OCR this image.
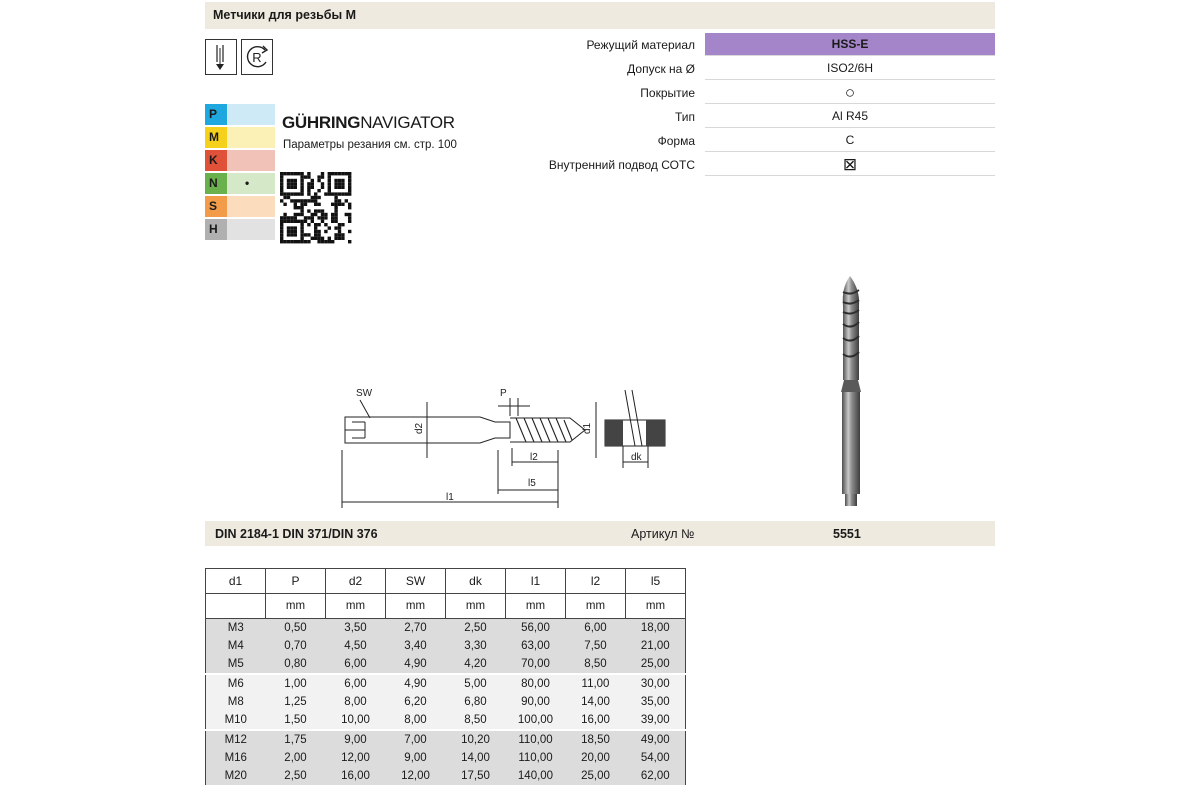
Метчики для резьбы М
R
P
M
K
N •
S
H
GÜHRINGNAVIGATOR
Параметры резания см. стр. 100
Режущий материал	HSS-E
Допуск на Ø	ISO2/6H
Покрытие	○
Тип	Al R45
Форма	C
Внутренний подвод СОТС	⊠
SW
d2
P
d1
l2
l5
l1
dk
DIN 2184-1 DIN 371/DIN 376	Артикул №	5551
d1	P	d2	SW	dk	l1	l2	l5
	mm	mm	mm	mm	mm	mm	mm
M3	0,50	3,50	2,70	2,50	56,00	6,00	18,00
M4	0,70	4,50	3,40	3,30	63,00	7,50	21,00
M5	0,80	6,00	4,90	4,20	70,00	8,50	25,00
M6	1,00	6,00	4,90	5,00	80,00	11,00	30,00
M8	1,25	8,00	6,20	6,80	90,00	14,00	35,00
M10	1,50	10,00	8,00	8,50	100,00	16,00	39,00
M12	1,75	9,00	7,00	10,20	110,00	18,50	49,00
M16	2,00	12,00	9,00	14,00	110,00	20,00	54,00
M20	2,50	16,00	12,00	17,50	140,00	25,00	62,00
